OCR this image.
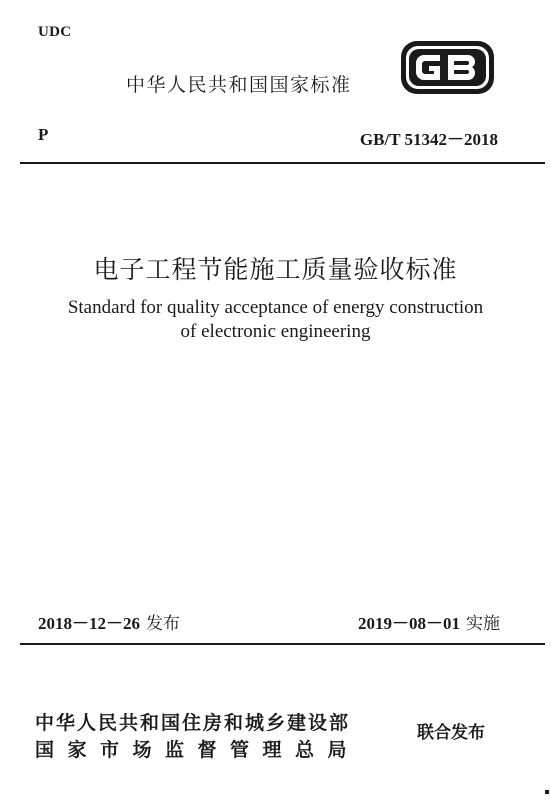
UDC
中华人民共和国国家标准
P	GB/T 51342－2018
电子工程节能施工质量验收标准
Standard for quality acceptance of energy construction
of electronic engineering
2018－12－26 发布	2019－08－01 实施
中华人民共和国住房和城乡建设部
国家市场监督管理总局
联合发布
